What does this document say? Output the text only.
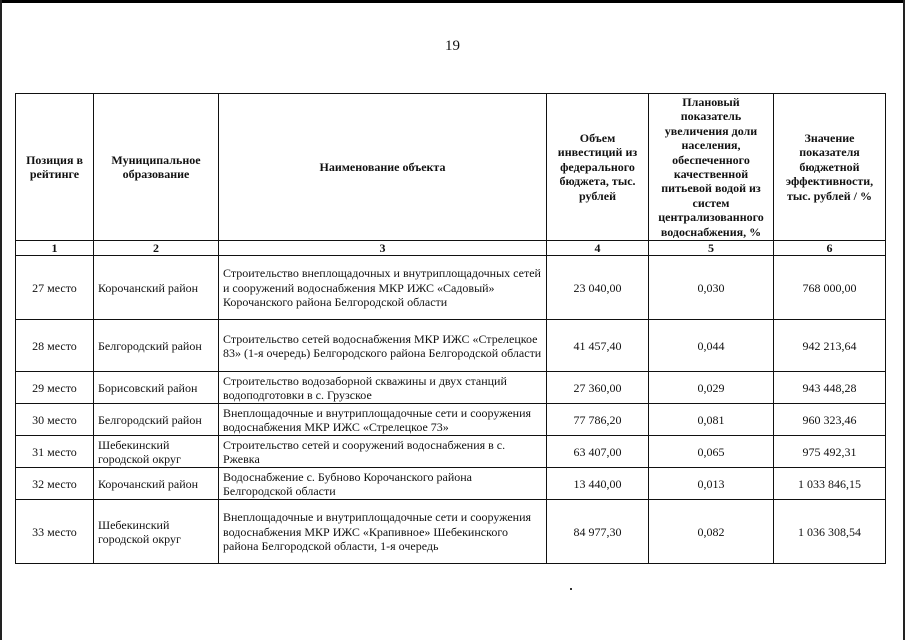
19
Позиция в рейтинге	Муниципальное образование	Наименование объекта	Объем инвестиций из федерального бюджета, тыс. рублей	Плановый показатель увеличения доли населения, обеспеченного качественной питьевой водой из систем централизованного водоснабжения, %	Значение показателя бюджетной эффективности, тыс. рублей / %
1	2	3	4	5	6
27 место	Корочанский район	Строительство внеплощадочных и внутриплощадочных сетей и сооружений водоснабжения МКР ИЖС «Садовый» Корочанского района Белгородской области	23 040,00	0,030	768 000,00
28 место	Белгородский район	Строительство сетей водоснабжения МКР ИЖС «Стрелецкое 83» (1-я очередь) Белгородского района Белгородской области	41 457,40	0,044	942 213,64
29 место	Борисовский район	Строительство водозаборной скважины и двух станций водоподготовки в с. Грузское	27 360,00	0,029	943 448,28
30 место	Белгородский район	Внеплощадочные и внутриплощадочные сети и сооружения водоснабжения МКР ИЖС «Стрелецкое 73»	77 786,20	0,081	960 323,46
31 место	Шебекинский городской округ	Строительство сетей и сооружений водоснабжения в с. Ржевка	63 407,00	0,065	975 492,31
32 место	Корочанский район	Водоснабжение с. Бубново Корочанского района Белгородской области	13 440,00	0,013	1 033 846,15
33 место	Шебекинский городской округ	Внеплощадочные и внутриплощадочные сети и сооружения водоснабжения МКР ИЖС «Крапивное» Шебекинского района Белгородской области, 1-я очередь	84 977,30	0,082	1 036 308,54
